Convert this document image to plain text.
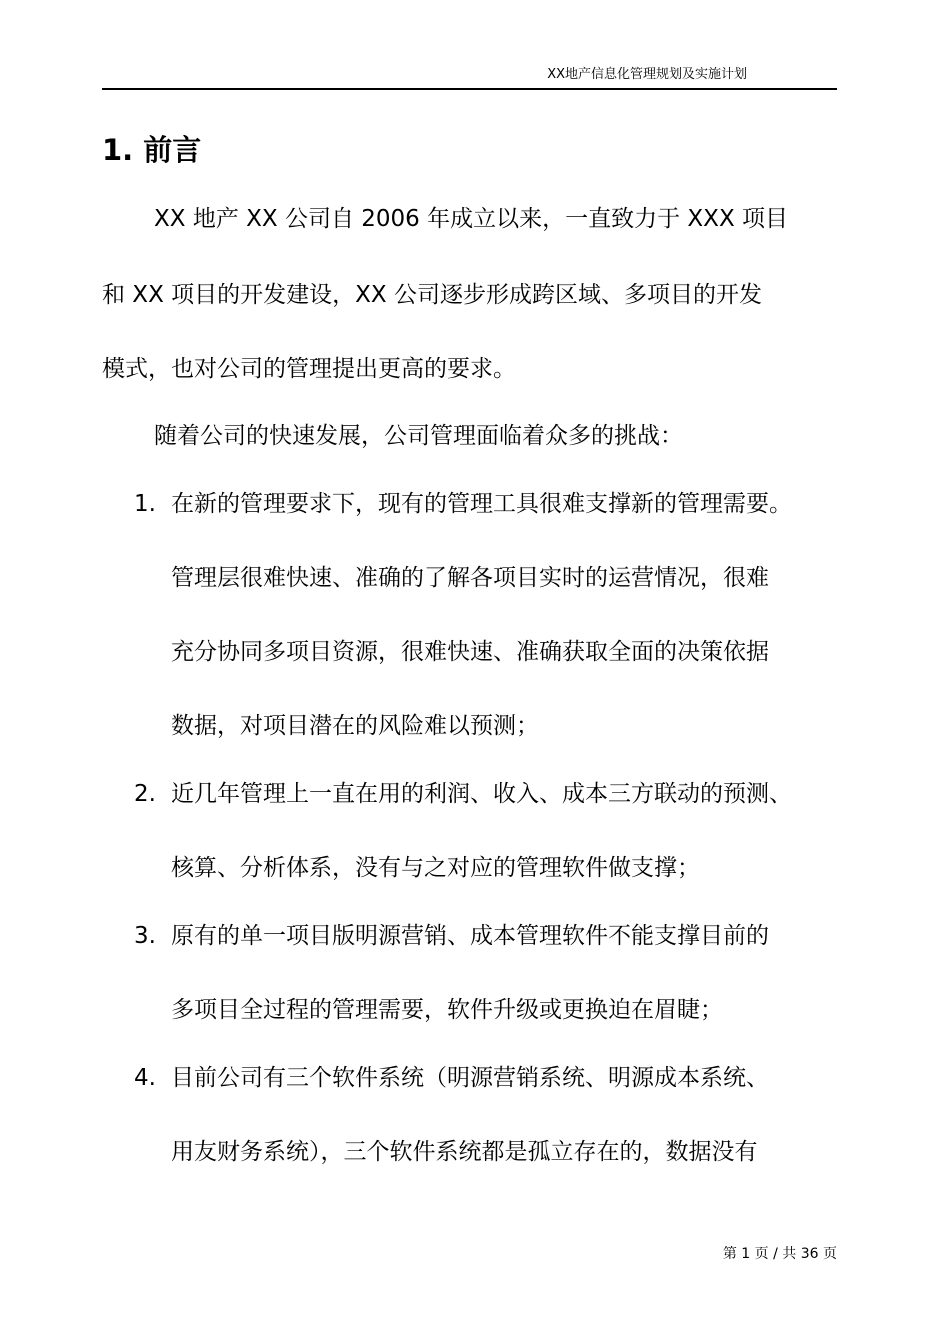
XX地产信息化管理规划及实施计划
1. 前言
XX 地产 XX 公司自 2006 年成立以来，一直致力于 XXX 项目
和 XX 项目的开发建设，XX 公司逐步形成跨区域、多项目的开发
模式，也对公司的管理提出更高的要求。
随着公司的快速发展，公司管理面临着众多的挑战：
1. 在新的管理要求下，现有的管理工具很难支撑新的管理需要。
管理层很难快速、准确的了解各项目实时的运营情况，很难
充分协同多项目资源，很难快速、准确获取全面的决策依据
数据，对项目潜在的风险难以预测；
2. 近几年管理上一直在用的利润、收入、成本三方联动的预测、
核算、分析体系，没有与之对应的管理软件做支撑；
3. 原有的单一项目版明源营销、成本管理软件不能支撑目前的
多项目全过程的管理需要，软件升级或更换迫在眉睫；
4. 目前公司有三个软件系统（明源营销系统、明源成本系统、
用友财务系统），三个软件系统都是孤立存在的，数据没有
第 1 页 / 共 36 页
